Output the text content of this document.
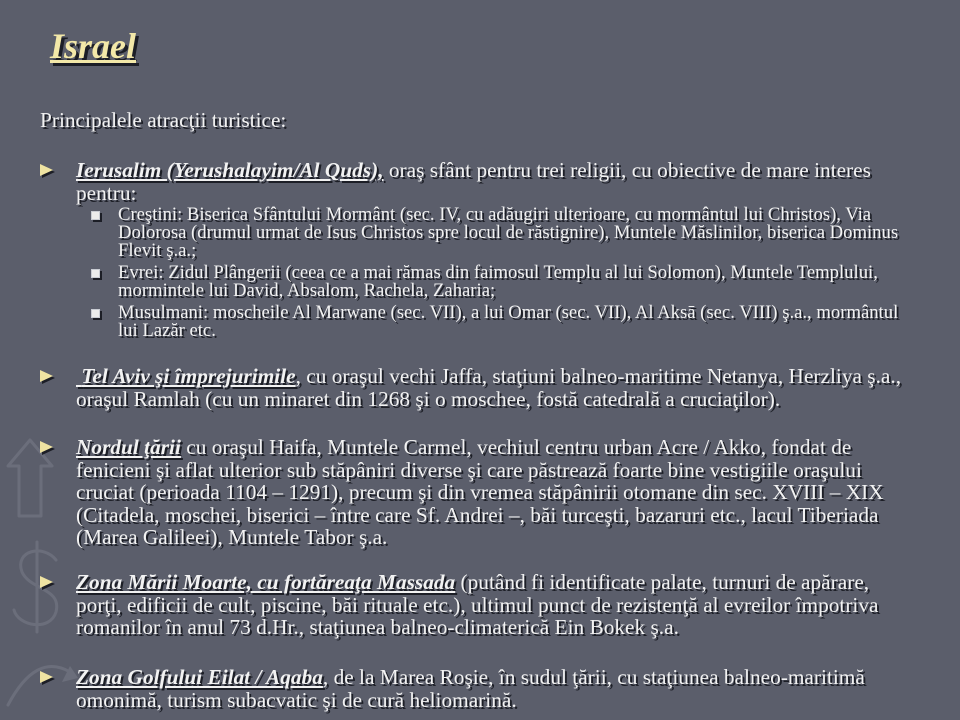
Israel

Principalele atracţii turistice:

Ierusalim (Yerushalayim/Al Quds), oraş sfânt pentru trei religii, cu obiective de mare interes pentru:

Creştini: Biserica Sfântului Mormânt (sec. IV, cu adăugiri ulterioare, cu mormântul lui Christos), Via Dolorosa (drumul urmat de Isus Christos spre locul de răstignire), Muntele Măslinilor, biserica Dominus Flevit ş.a.;

Evrei: Zidul Plângerii (ceea ce a mai rămas din faimosul Templu al lui Solomon), Muntele Templului, mormintele lui David, Absalom, Rachela, Zaharia;

Musulmani: moscheile Al Marwane (sec. VII), a lui Omar (sec. VII), Al Aksā (sec. VIII) ş.a., mormântul lui Lazăr etc.

Tel Aviv şi împrejurimile, cu oraşul vechi Jaffa, staţiuni balneo-maritime Netanya, Herzliya ş.a., oraşul Ramlah (cu un minaret din 1268 şi o moschee, fostă catedrală a cruciaţilor).

Nordul ţării cu oraşul Haifa, Muntele Carmel, vechiul centru urban Acre / Akko, fondat de fenicieni şi aflat ulterior sub stăpâniri diverse şi care păstrează foarte bine vestigiile oraşului cruciat (perioada 1104 – 1291), precum şi din vremea stăpânirii otomane din sec. XVIII – XIX (Citadela, moschei, biserici – între care Sf. Andrei –, băi turceşti, bazaruri etc., lacul Tiberiada (Marea Galileei), Muntele Tabor ş.a.

Zona Mării Moarte, cu fortăreaţa Massada (putând fi identificate palate, turnuri de apărare, porţi, edificii de cult, piscine, băi rituale etc.), ultimul punct de rezistenţă al evreilor împotriva romanilor în anul 73 d.Hr., staţiunea balneo-climaterică Ein Bokek ş.a.

Zona Golfului Eilat / Aqaba, de la Marea Roşie, în sudul ţării, cu staţiunea balneo-maritimă omonimă, turism subacvatic şi de cură heliomarină.
